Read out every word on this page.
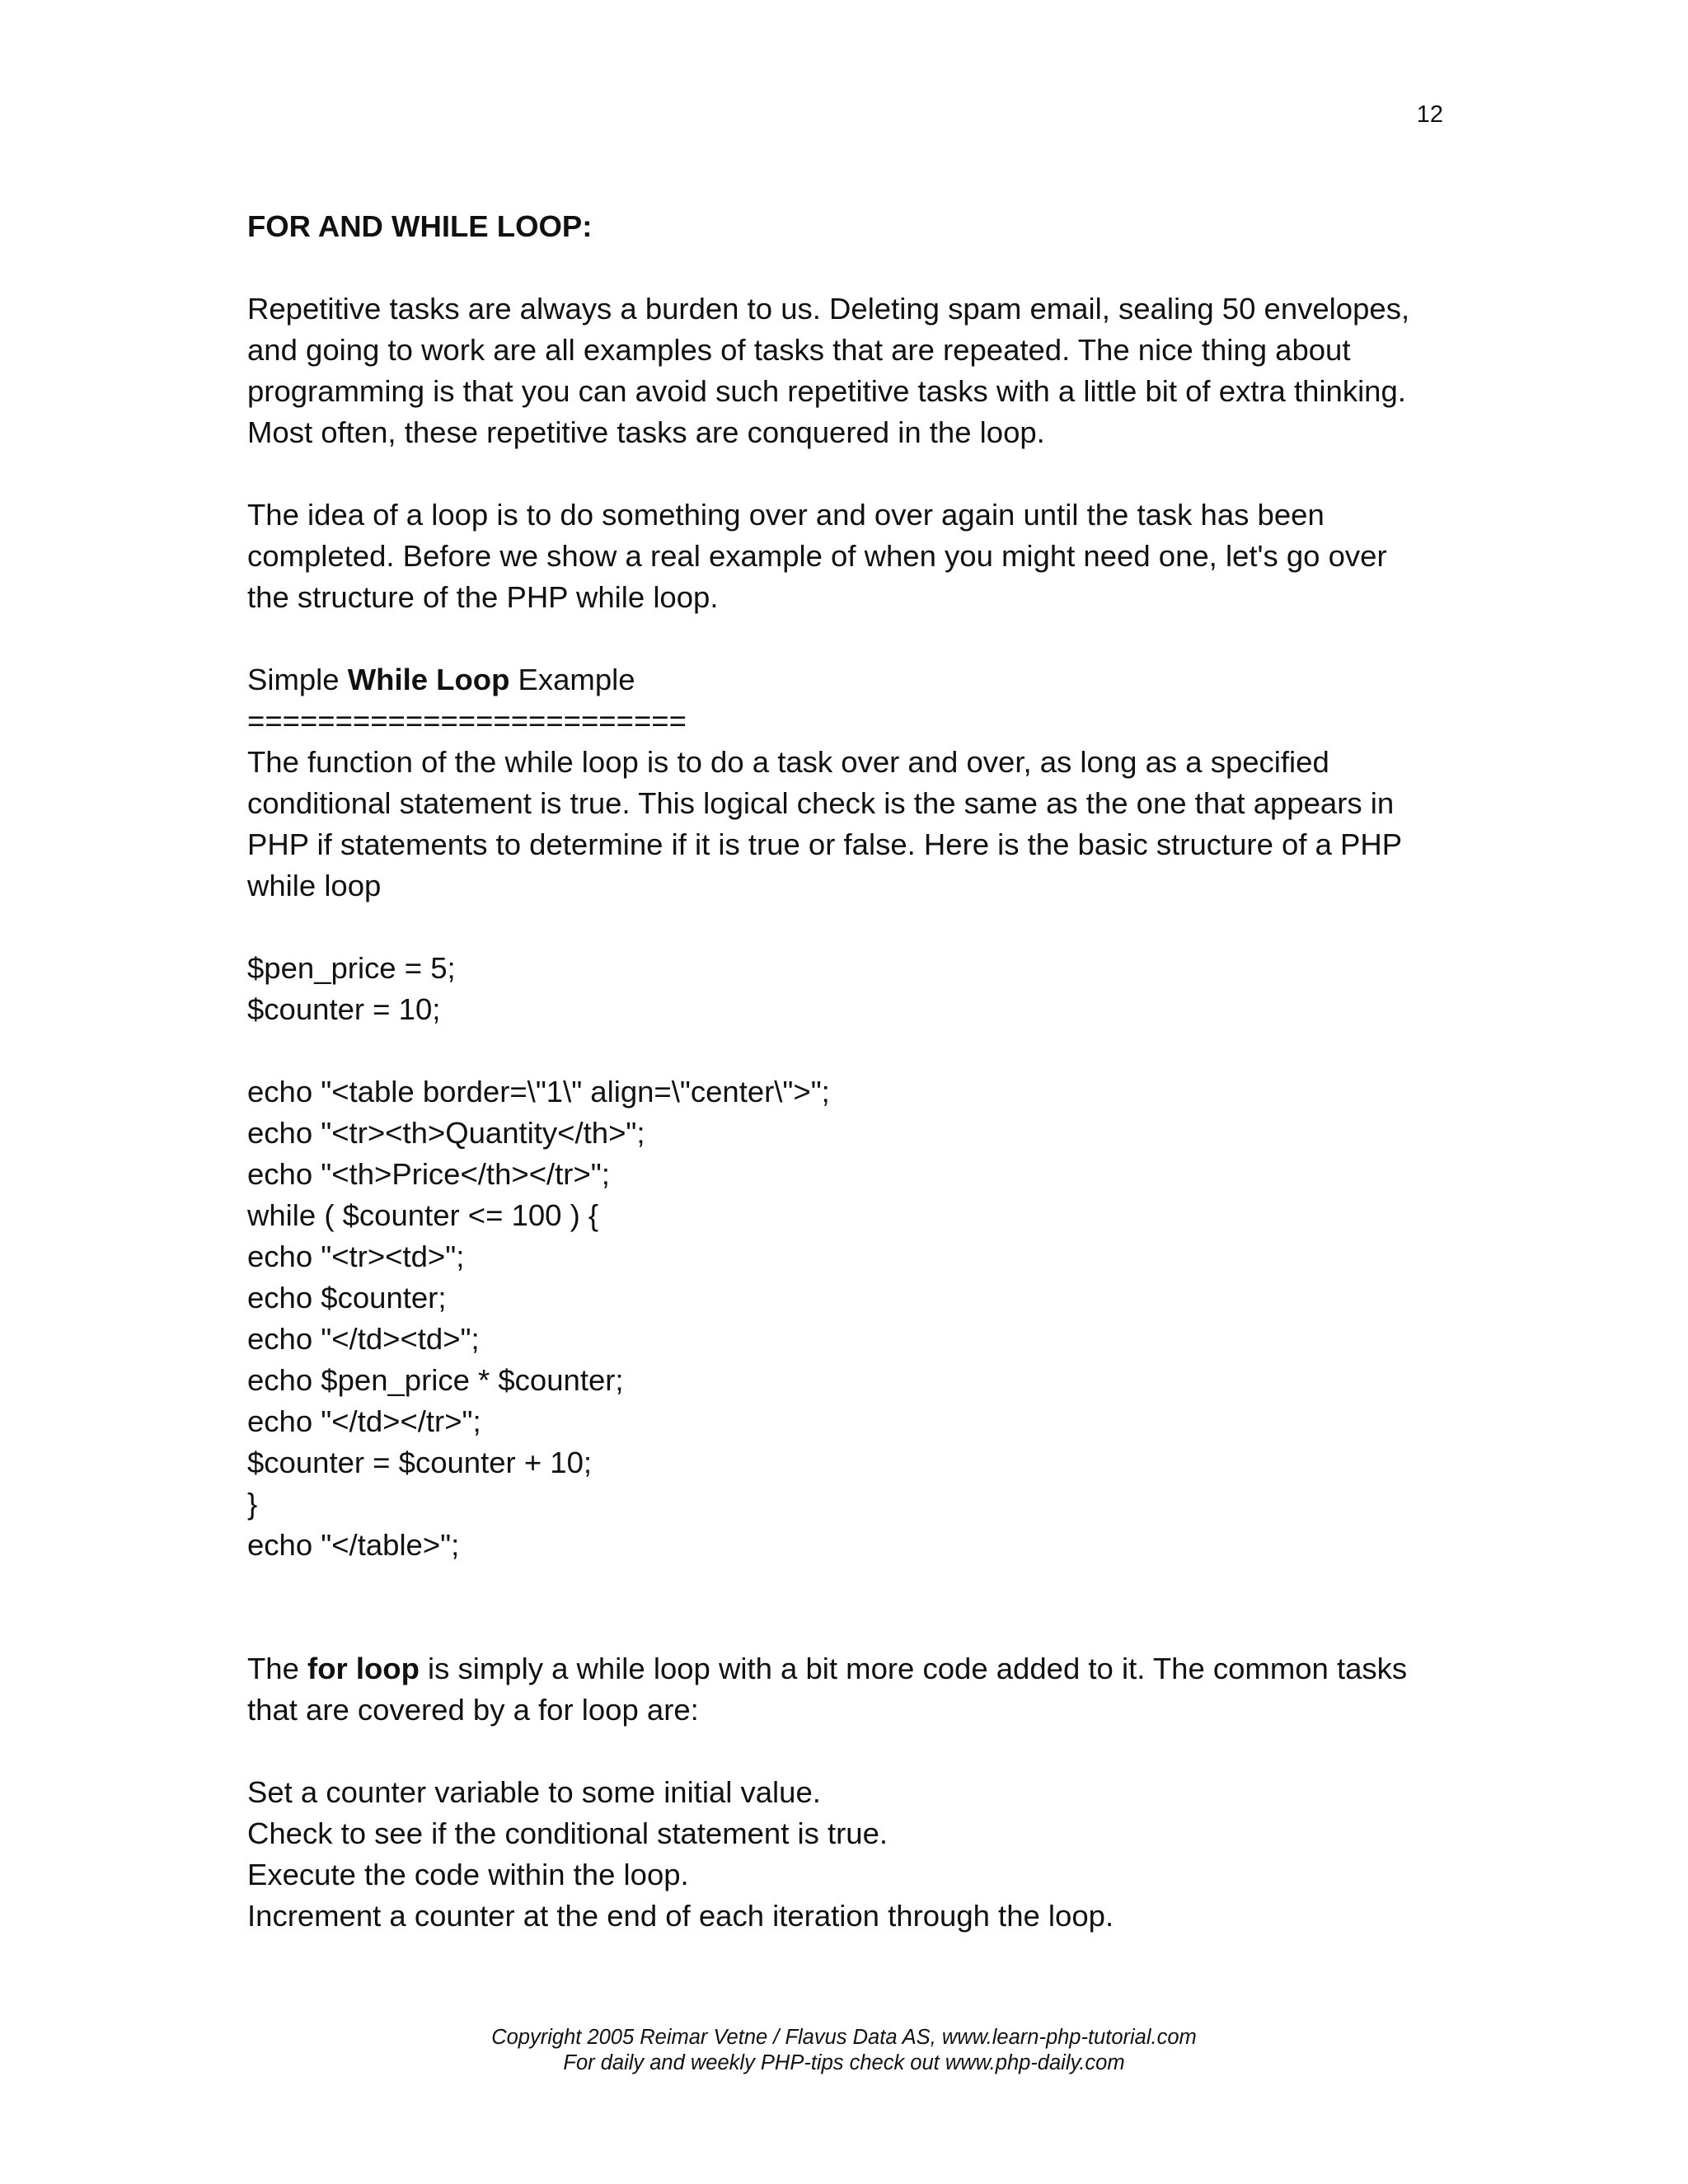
12

FOR AND WHILE LOOP:

Repetitive tasks are always a burden to us. Deleting spam email, sealing 50 envelopes,

and going to work are all examples of tasks that are repeated. The nice thing about

programming is that you can avoid such repetitive tasks with a little bit of extra thinking.

Most often, these repetitive tasks are conquered in the loop.

The idea of a loop is to do something over and over again until the task has been

completed. Before we show a real example of when you might need one, let's go over

the structure of the PHP while loop.

Simple While Loop Example

=========================

The function of the while loop is to do a task over and over, as long as a specified

conditional statement is true. This logical check is the same as the one that appears in

PHP if statements to determine if it is true or false. Here is the basic structure of a PHP

while loop

$pen_price = 5;

$counter = 10;

echo "<table border=\"1\" align=\"center\">";

echo "<tr><th>Quantity</th>";

echo "<th>Price</th></tr>";

while ( $counter <= 100 ) {

echo "<tr><td>";

echo $counter;

echo "</td><td>";

echo $pen_price * $counter;

echo "</td></tr>";

$counter = $counter + 10;

}

echo "</table>";

The for loop is simply a while loop with a bit more code added to it. The common tasks

that are covered by a for loop are:

Set a counter variable to some initial value.

Check to see if the conditional statement is true.

Execute the code within the loop.

Increment a counter at the end of each iteration through the loop.

Copyright 2005 Reimar Vetne / Flavus Data AS, www.learn-php-tutorial.com

For daily and weekly PHP-tips check out www.php-daily.com
